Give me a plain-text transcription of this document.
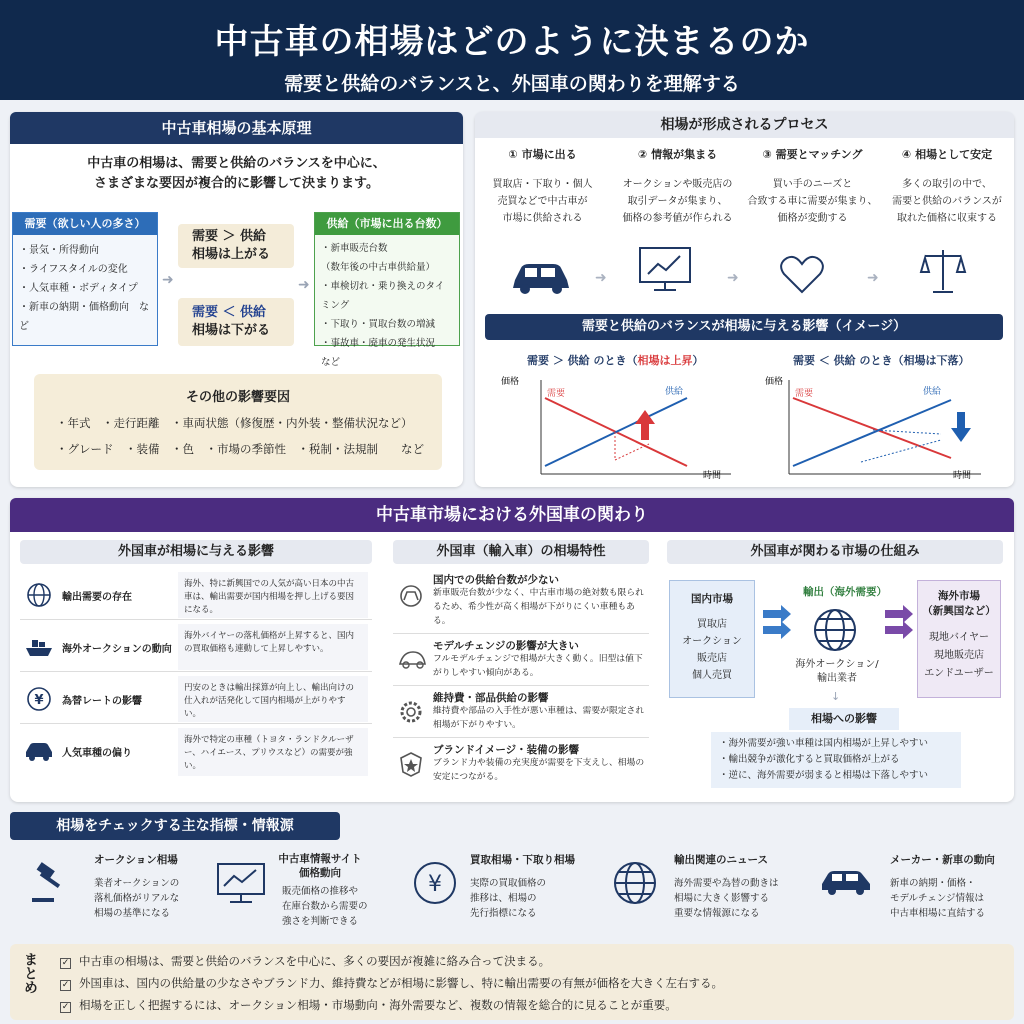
中古車の相場はどのように決まるのか
需要と供給のバランスと、外国車の関わりを理解する
中古車相場の基本原理
中古車の相場は、需要と供給のバランスを中心に、
さまざまな要因が複合的に影響して決まります。
需要（欲しい人の多さ）
・景気・所得動向
・ライフスタイルの変化
・人気車種・ボディタイプ
・新車の納期・価格動向　など
➜
需要 ＞ 供給
相場は上がる
需要 ＜ 供給
相場は下がる
➜
供給（市場に出る台数）
・新車販売台数
（数年後の中古車供給量）
・車検切れ・乗り換えのタイミング
・下取り・買取台数の増減
・事故車・廃車の発生状況　など
その他の影響要因
・年式　・走行距離　・車両状態（修復歴・内外装・整備状況など）
・グレード　・装備　・色　・市場の季節性　・税制・法規制　　など
相場が形成されるプロセス
① 市場に出る
買取店・下取り・個人
売買などで中古車が
市場に供給される
② 情報が集まる
オークションや販売店の
取引データが集まり、
価格の参考値が作られる
③ 需要とマッチング
買い手のニーズと
合致する車に需要が集まり、
価格が変動する
④ 相場として安定
多くの取引の中で、
需要と供給のバランスが
取れた価格に収束する
➜	➜	➜
需要と供給のバランスが相場に与える影響（イメージ）
需要 ＞ 供給 のとき（相場は上昇）	需要 ＜ 供給 のとき（相場は下落）
価格
時間
需要	供給
価格
時間
需要	供給
中古車市場における外国車の関わり
外国車が相場に与える影響
輸出需要の存在
海外、特に新興国での人気が高い日本の中古車は、輸出需要が国内相場を押し上げる要因になる。
海外オークションの動向
海外バイヤーの落札価格が上昇すると、国内の買取価格も連動して上昇しやすい。
¥ 為替レートの影響
円安のときは輸出採算が向上し、輸出向けの仕入れが活発化して国内相場が上がりやすい。
人気車種の偏り
海外で特定の車種（トヨタ・ランドクルーザー、ハイエース、プリウスなど）の需要が強い。
外国車（輸入車）の相場特性
国内での供給台数が少ない
新車販売台数が少なく、中古車市場の絶対数も限られるため、希少性が高く相場が下がりにくい車種もある。
モデルチェンジの影響が大きい
フルモデルチェンジで相場が大きく動く。旧型は値下がりしやすい傾向がある。
維持費・部品供給の影響
維持費や部品の入手性が悪い車種は、需要が限定され相場が下がりやすい。
ブランドイメージ・装備の影響
ブランド力や装備の充実度が需要を下支えし、相場の安定につながる。
外国車が関わる市場の仕組み
国内市場
買取店
オークション
販売店
個人売買
輸出（海外需要）
海外オークション/
輸出業者
海外市場
（新興国など）
現地バイヤー
現地販売店
エンドユーザー
↓
相場への影響
・海外需要が強い車種は国内相場が上昇しやすい
・輸出競争が激化すると買取価格が上がる
・逆に、海外需要が弱まると相場は下落しやすい
相場をチェックする主な指標・情報源
オークション相場
業者オークションの
落札価格がリアルな
相場の基準になる
中古車情報サイト
価格動向
販売価格の推移や
在庫台数から需要の
強さを判断できる
¥
買取相場・下取り相場
実際の買取価格の
推移は、相場の
先行指標になる
輸出関連のニュース
海外需要や為替の動きは
相場に大きく影響する
重要な情報源になる
メーカー・新車の動向
新車の納期・価格・
モデルチェンジ情報は
中古車相場に直結する
まとめ	✓ 中古車の相場は、需要と供給のバランスを中心に、多くの要因が複雑に絡み合って決まる。
✓ 外国車は、国内の供給量の少なさやブランド力、維持費などが相場に影響し、特に輸出需要の有無が価格を大きく左右する。
✓ 相場を正しく把握するには、オークション相場・市場動向・海外需要など、複数の情報を総合的に見ることが重要。
